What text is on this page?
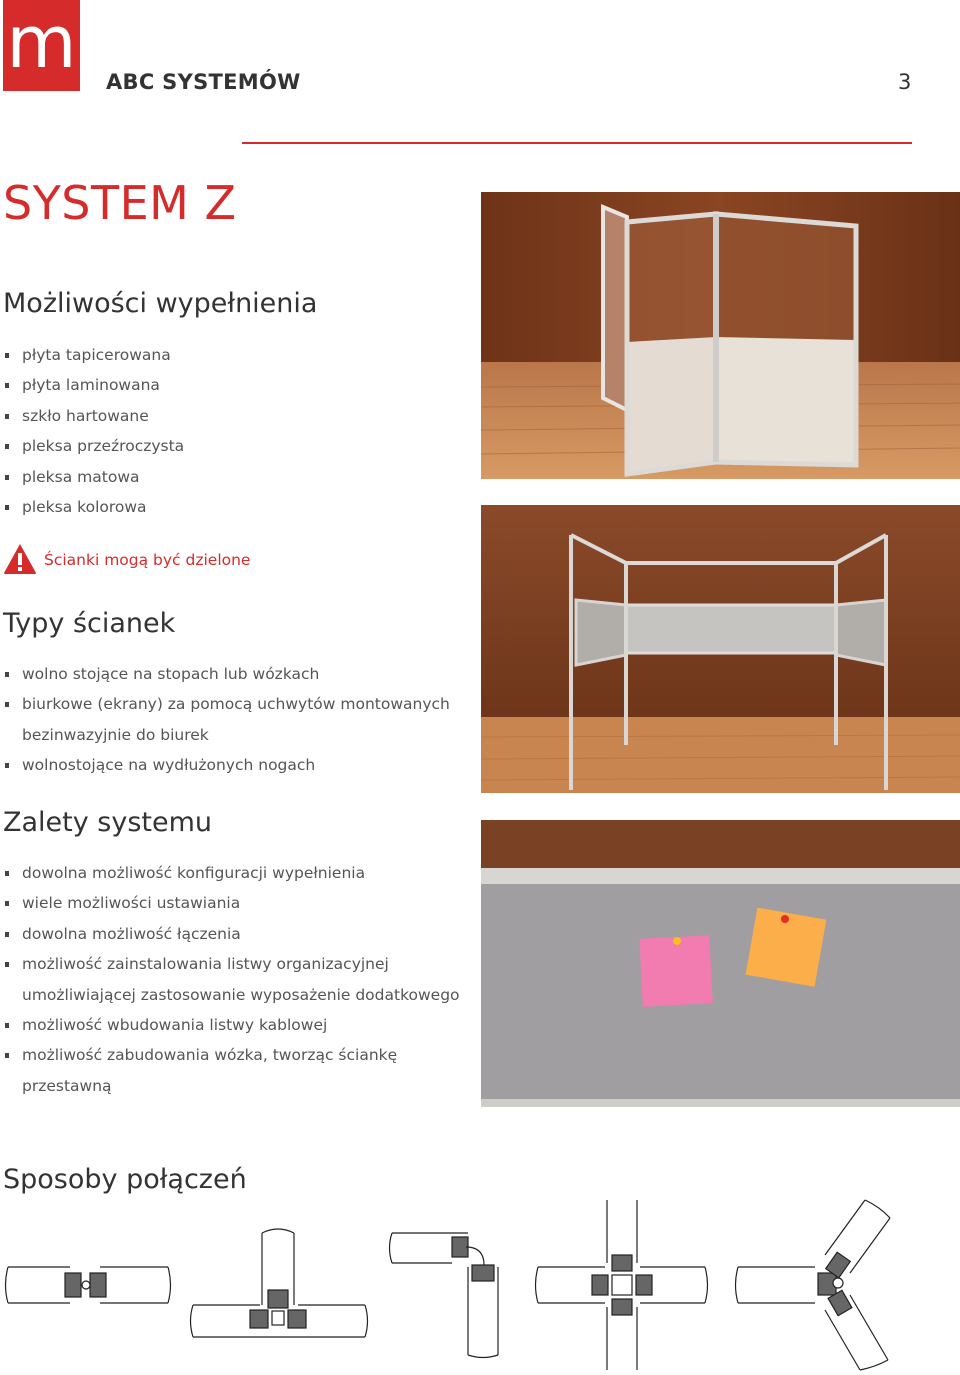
m ABC SYSTEMÓW	3
SYSTEM Z
Możliwości wypełnienia
płyta tapicerowana
płyta laminowana
szkło hartowane
pleksa przeźroczysta
pleksa matowa
pleksa kolorowa
Ścianki mogą być dzielone
Typy ścianek
wolno stojące na stopach lub wózkach
biurkowe (ekrany) za pomocą uchwytów montowanych bezinwazyjnie do biurek
wolnostojące na wydłużonych nogach
Zalety systemu
dowolna możliwość konfiguracji wypełnienia
wiele możliwości ustawiania
dowolna możliwość łączenia
możliwość zainstalowania listwy organizacyjnej umożliwiającej zastosowanie wyposażenie dodatkowego
możliwość wbudowania listwy kablowej
możliwość zabudowania wózka, tworząc ściankę przestawną
Sposoby połączeń
